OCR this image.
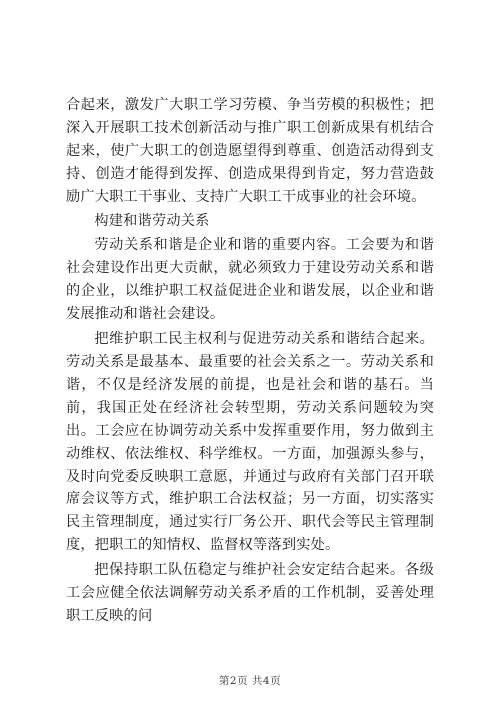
合起来，激发广大职工学习劳模、争当劳模的积极性；把深入开展职工技术创新活动与推广职工创新成果有机结合起来，使广大职工的创造愿望得到尊重、创造活动得到支持、创造才能得到发挥、创造成果得到肯定，努力营造鼓励广大职工干事业、支持广大职工干成事业的社会环境。

构建和谐劳动关系

劳动关系和谐是企业和谐的重要内容。工会要为和谐社会建设作出更大贡献，就必须致力于建设劳动关系和谐的企业，以维护职工权益促进企业和谐发展，以企业和谐发展推动和谐社会建设。

把维护职工民主权利与促进劳动关系和谐结合起来。劳动关系是最基本、最重要的社会关系之一。劳动关系和谐，不仅是经济发展的前提，也是社会和谐的基石。当前，我国正处在经济社会转型期，劳动关系问题较为突出。工会应在协调劳动关系中发挥重要作用，努力做到主动维权、依法维权、科学维权。一方面，加强源头参与，及时向党委反映职工意愿，并通过与政府有关部门召开联席会议等方式，维护职工合法权益；另一方面，切实落实民主管理制度，通过实行厂务公开、职代会等民主管理制度，把职工的知情权、监督权等落到实处。

把保持职工队伍稳定与维护社会安定结合起来。各级工会应健全依法调解劳动关系矛盾的工作机制，妥善处理职工反映的问

第2页 共4页
